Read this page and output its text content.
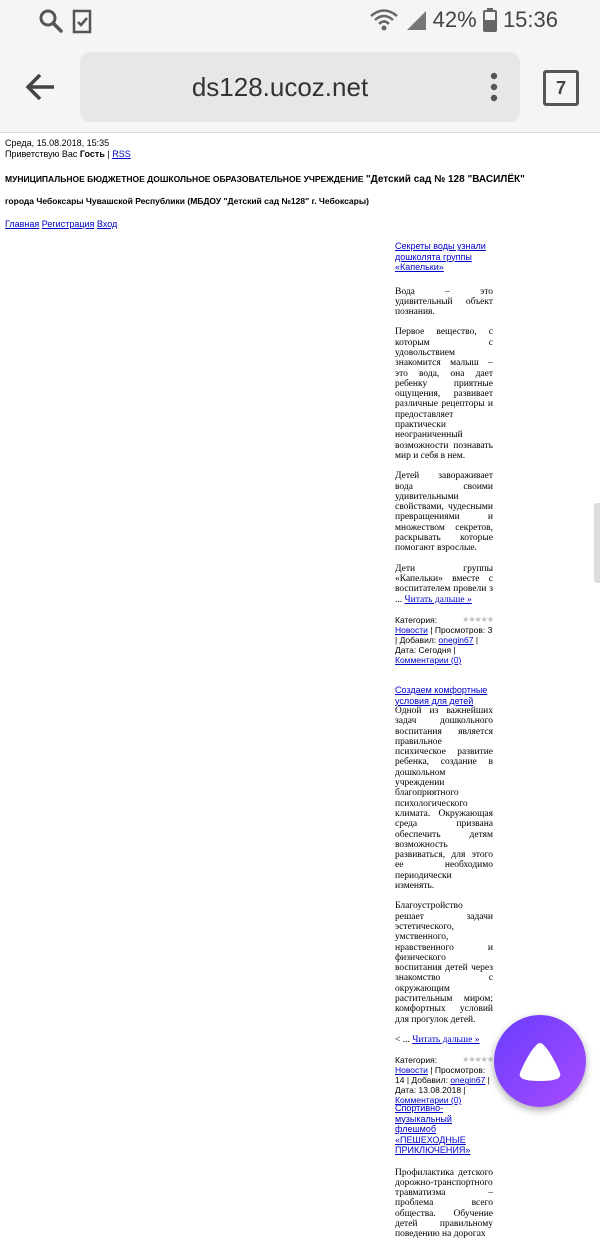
42% 15:36
ds128.ucoz.net	7
Среда, 15.08.2018, 15:35
Приветствую Вас Гость | RSS
МУНИЦИПАЛЬНОЕ БЮДЖЕТНОЕ ДОШКОЛЬНОЕ ОБРАЗОВАТЕЛЬНОЕ УЧРЕЖДЕНИЕ "Детский сад № 128 "ВАСИЛЁК"
города Чебоксары Чувашской Республики (МБДОУ "Детский сад №128" г. Чебоксары)
Главная Регистрация Вход
Секреты воды узнали дошколята группы «Капельки»

Вода – это удивительный объект познания.

Первое вещество, с которым с удовольствием знакомится малыш – это вода, она дает ребенку приятные ощущения, развивает различные рецепторы и предоставляет практически неограниченный возможности познавать мир и себя в нем.

Детей завораживает вода своими удивительными свойствами, чудесными превращениями и множеством секретов, раскрывать которые помогают взрослые.

Дети группы «Капельки» вместе с воспитателем провели з ... Читать дальше »

★★★★★
Категория:
Новости | Просмотров: 3 | Добавил: onegin67 | Дата: Сегодня |
Комментарии (0)
Создаем комфортные условия для детей

Одной из важнейших задач дошкольного воспитания является правильное психическое развитие ребенка, создание в дошкольном учреждении благоприятного психологического климата. Окружающая среда призвана обеспечить детям возможность развиваться, для этого ее необходимо периодически изменять.

Благоустройство решает задачи эстетического, умственного, нравственного и физического воспитания детей через знакомство с окружающим растительным миром; комфортных условий для прогулок детей.

< ... Читать дальше »

★★★★★
Категория:
Новости | Просмотров: 14 | Добавил: onegin67 | Дата: 13.08.2018 |
Комментарии (0)
Спортивно-музыкальный флешмоб «ПЕШЕХОДНЫЕ ПРИКЛЮЧЕНИЯ»

Профилактика детского дорожно-транспортного травматизма – проблема всего общества. Обучение детей правильному поведению на дорогах
